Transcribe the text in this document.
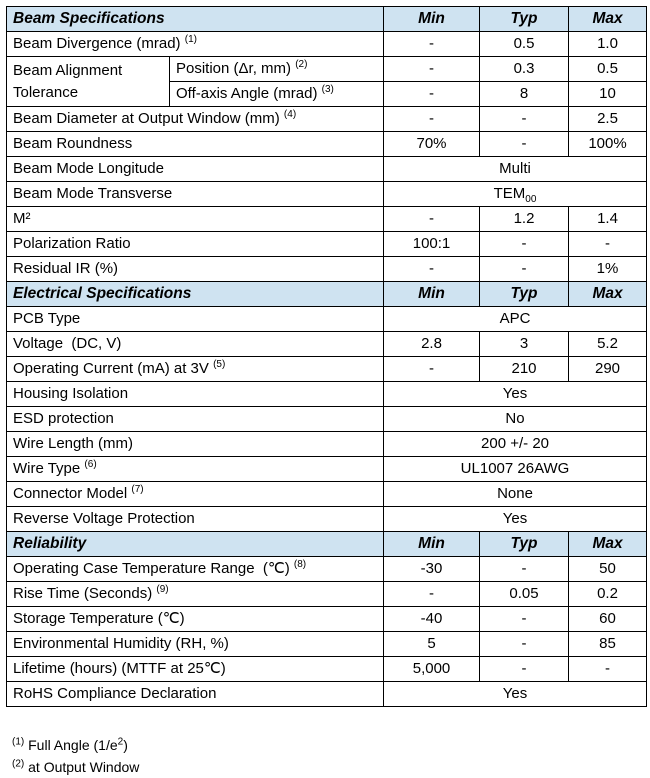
Beam Specifications		Min	Typ	Max
Beam Divergence (mrad) $^{(1)}$		-	0.5	1.0
Beam Alignment Tolerance	Position (Δr, mm) $^{(2)}$	-	0.3	0.5
	Off-axis Angle (mrad) $^{(3)}$	-	8	10
Beam Diameter at Output Window (mm) $^{(4)}$		-	-	2.5
Beam Roundness		70%	-	100%
Beam Mode Longitude		Multi		
Beam Mode Transverse		$TEM_{00}$
M²		-	1.2	1.4
Polarization Ratio		100:1	-	-
Residual IR (%)		-	-	1%
Electrical Specifications		Min	Typ	Max
PCB Type		APC		
Voltage  (DC, V)		2.8	3	5.2
Operating Current (mA) at 3V $^{(5)}$		-	210	290
Housing Isolation		Yes		
ESD protection		No		
Wire Length (mm)		200 +/- 20		
Wire Type $^{(6)}$		UL1007 26AWG		
Connector Model $^{(7)}$		None		
Reverse Voltage Protection		Yes		
Reliability		Min	Typ	Max
Operating Case Temperature Range  (℃) $^{(8)}$		-30	-	50
Rise Time (Seconds) $^{(9)}$		-	0.05	0.2
Storage Temperature (℃)		-40	-	60
Environmental Humidity (RH, %)		5	-	85
Lifetime (hours) (MTTF at 25℃)		5,000	-	-
RoHS Compliance Declaration		Yes		
$^{(1)}$ Full Angle $(1/e^2)$
$^{(2)}$ at Output Window
